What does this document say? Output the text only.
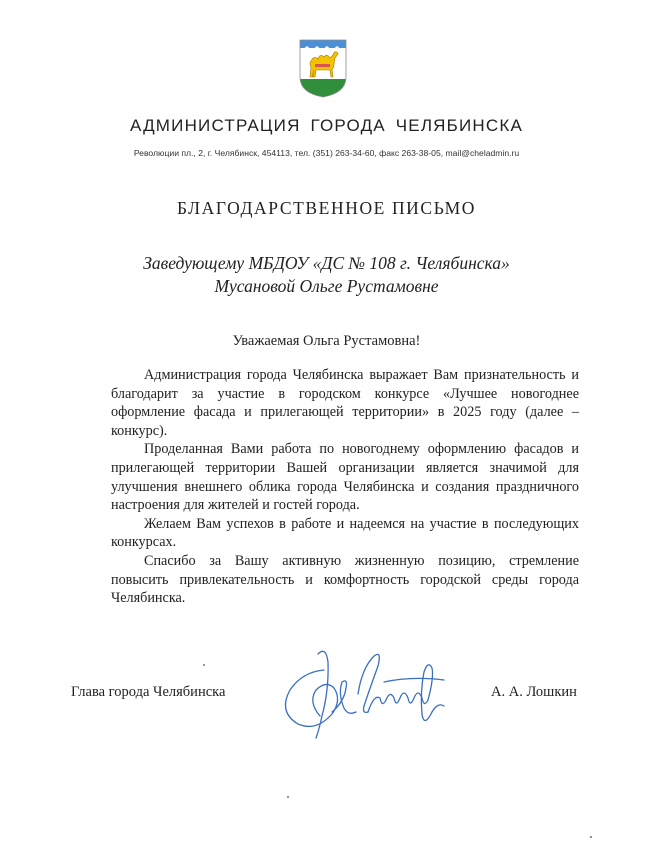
АДМИНИСТРАЦИЯ ГОРОДА ЧЕЛЯБИНСКА
Революции пл., 2, г. Челябинск, 454113, тел. (351) 263-34-60, факс 263-38-05, mail@cheladmin.ru
БЛАГОДАРСТВЕННОЕ ПИСЬМО
Заведующему МБДОУ «ДС № 108 г. Челябинска»
Мусановой Ольге Рустамовне
Уважаемая Ольга Рустамовна!

Администрация города Челябинска выражает Вам признательность и благодарит за участие в городском конкурсе «Лучшее новогоднее оформление фасада и прилегающей территории» в 2025 году (далее – конкурс).

Проделанная Вами работа по новогоднему оформлению фасадов и прилегающей территории Вашей организации является значимой для улучшения внешнего облика города Челябинска и создания праздничного настроения для жителей и гостей города.

Желаем Вам успехов в работе и надеемся на участие в последующих конкурсах.

Спасибо за Вашу активную жизненную позицию, стремление повысить привлекательность и комфортность городской среды города Челябинска.

Глава города Челябинска	А. А. Лошкин
